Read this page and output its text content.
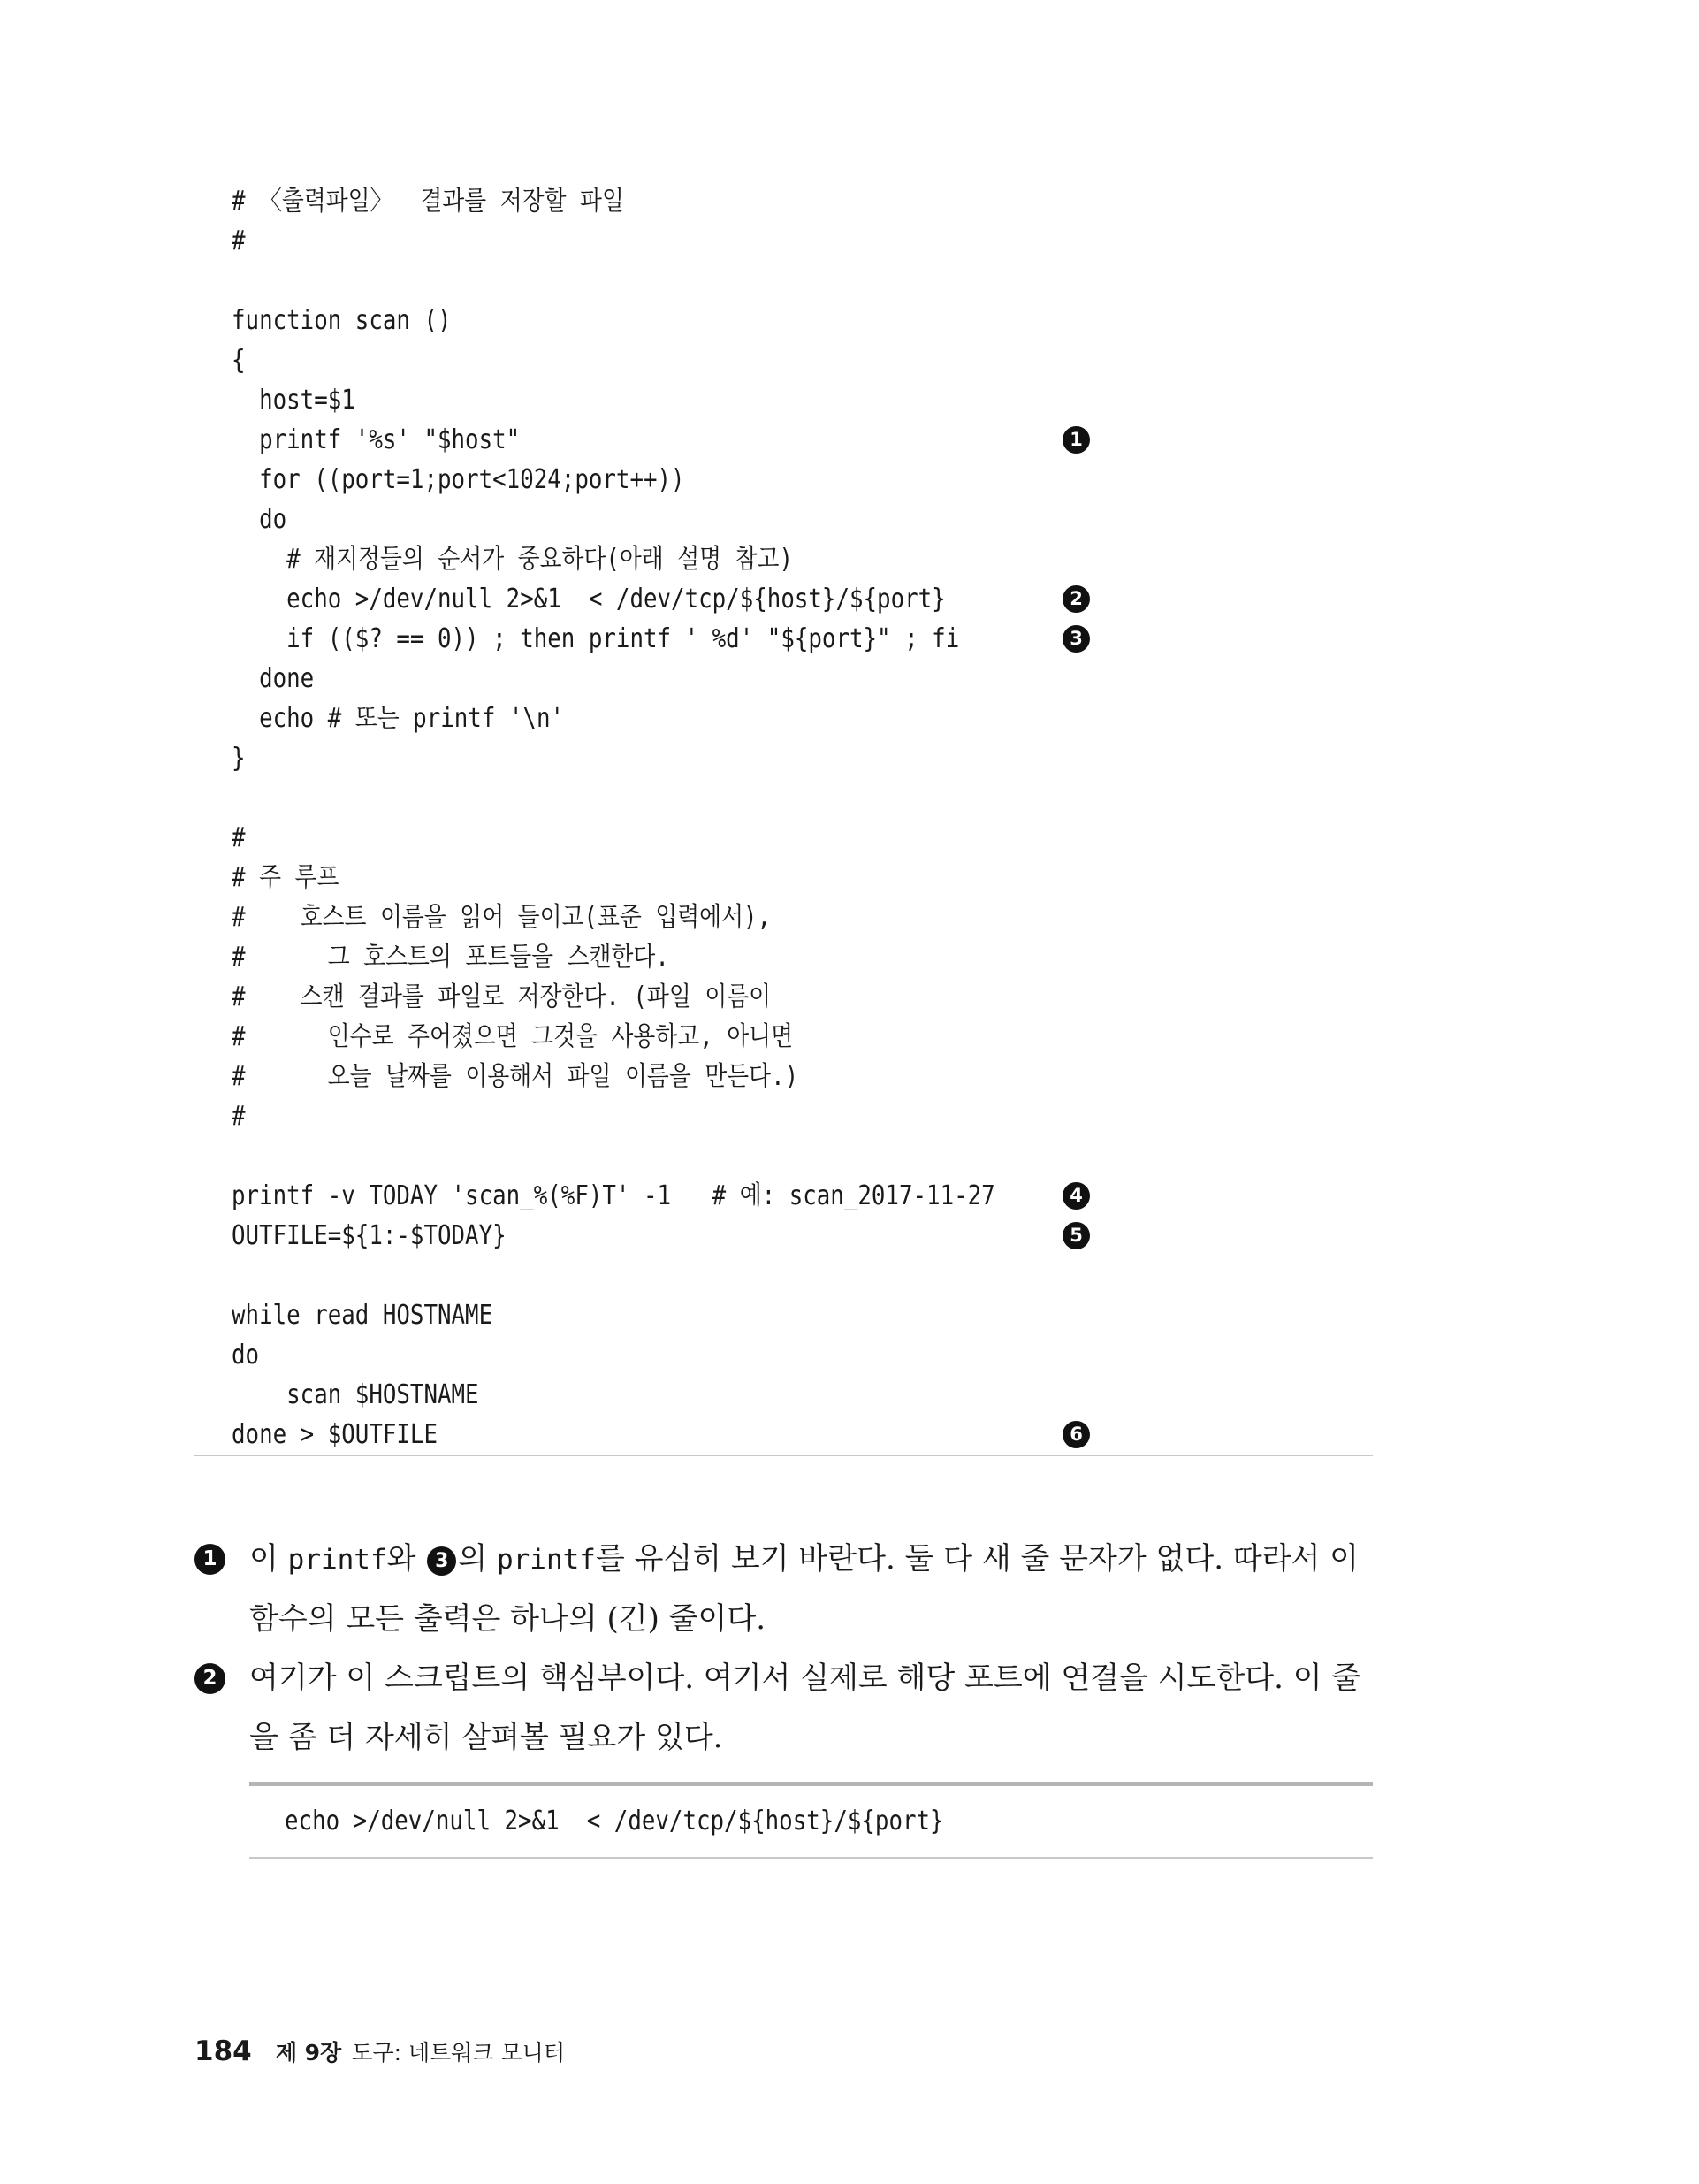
# 〈출력파일〉  결과를 저장할 파일
#
function scan ()
{
host=$1
printf '%s' "$host"	1
for ((port=1;port<1024;port++))
do
# 재지정들의 순서가 중요하다(아래 설명 참고)
echo >/dev/null 2>&1  < /dev/tcp/${host}/${port}	2
if (($? == 0)) ; then printf ' %d' "${port}" ; fi	3
done
echo # 또는 printf '\n'
}
#
# 주 루프
#    호스트 이름을 읽어 들이고(표준 입력에서),
#      그 호스트의 포트들을 스캔한다.
#    스캔 결과를 파일로 저장한다. (파일 이름이
#      인수로 주어졌으면 그것을 사용하고, 아니면
#      오늘 날짜를 이용해서 파일 이름을 만든다.)
#
printf -v TODAY 'scan_%(%F)T' -1   # 예: scan_2017-11-27	4
OUTFILE=${1:-$TODAY}	5
while read HOSTNAME
do
scan $HOSTNAME
done > $OUTFILE	6
1 이 printf와 3 의 printf를 유심히 보기 바란다. 둘 다 새 줄 문자가 없다. 따라서 이 함수의 모든 출력은 하나의 (긴) 줄이다.
2 여기가 이 스크립트의 핵심부이다. 여기서 실제로 해당 포트에 연결을 시도한다. 이 줄을 좀 더 자세히 살펴볼 필요가 있다.
echo >/dev/null 2>&1  < /dev/tcp/${host}/${port}
184 제 9장 도구: 네트워크 모니터
